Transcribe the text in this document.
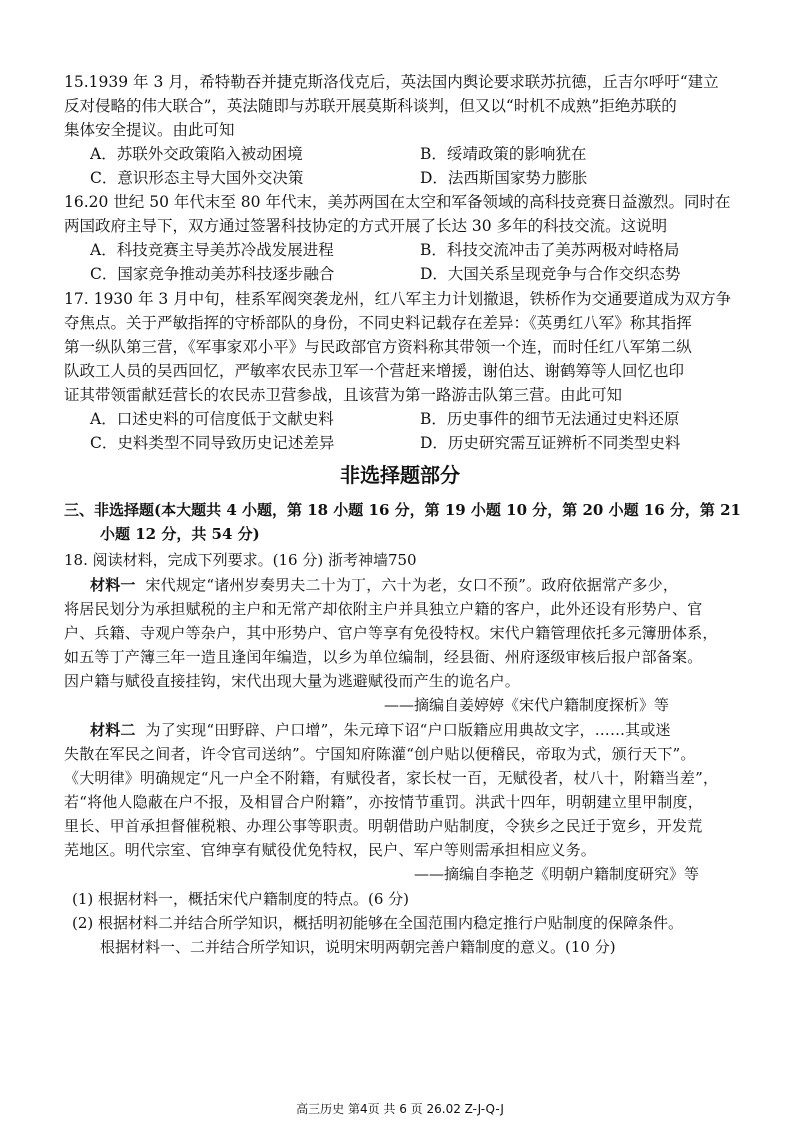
15.1939 年 3 月，希特勒吞并捷克斯洛伐克后，英法国内舆论要求联苏抗德，丘吉尔呼吁“建立
反对侵略的伟大联合”，英法随即与苏联开展莫斯科谈判，但又以“时机不成熟”拒绝苏联的
集体安全提议。由此可知
A．苏联外交政策陷入被动困境	B．绥靖政策的影响犹在
C．意识形态主导大国外交决策	D．法西斯国家势力膨胀
16.20 世纪 50 年代末至 80 年代末，美苏两国在太空和军备领域的高科技竞赛日益激烈。同时在
两国政府主导下，双方通过签署科技协定的方式开展了长达 30 多年的科技交流。这说明
A．科技竞赛主导美苏冷战发展进程	B．科技交流冲击了美苏两极对峙格局
C．国家竞争推动美苏科技逐步融合	D．大国关系呈现竞争与合作交织态势
17. 1930 年 3 月中旬，桂系军阀突袭龙州，红八军主力计划撤退，铁桥作为交通要道成为双方争
夺焦点。关于严敏指挥的守桥部队的身份，不同史料记载存在差异：《英勇红八军》称其指挥
第一纵队第三营，《军事家邓小平》与民政部官方资料称其带领一个连，而时任红八军第二纵
队政工人员的吴西回忆，严敏率农民赤卫军一个营赶来增援，谢伯达、谢鹤筹等人回忆也印
证其带领雷献廷营长的农民赤卫营参战，且该营为第一路游击队第三营。由此可知
A．口述史料的可信度低于文献史料	B．历史事件的细节无法通过史料还原
C．史料类型不同导致历史记述差异	D．历史研究需互证辨析不同类型史料
非选择题部分
三、非选择题(本大题共 4 小题，第 18 小题 16 分，第 19 小题 10 分，第 20 小题 16 分，第 21
小题 12 分，共 54 分)
18. 阅读材料，完成下列要求。(16 分) 浙考神墙750
材料一 宋代规定“诸州岁奏男夫二十为丁，六十为老，女口不预”。政府依据常产多少，
将居民划分为承担赋税的主户和无常产却依附主户并具独立户籍的客户，此外还设有形势户、官
户、兵籍、寺观户等杂户，其中形势户、官户等享有免役特权。宋代户籍管理依托多元簿册体系，
如五等丁产簿三年一造且逢闰年编造，以乡为单位编制，经县衙、州府逐级审核后报户部备案。
因户籍与赋役直接挂钩，宋代出现大量为逃避赋役而产生的诡名户。
——摘编自姜婷婷《宋代户籍制度探析》等
材料二 为了实现“田野辟、户口增”，朱元璋下诏“户口版籍应用典故文字，……其或迷
失散在军民之间者，许令官司送纳”。宁国知府陈灌“创户贴以便稽民，帝取为式，颁行天下”。
《大明律》明确规定“凡一户全不附籍，有赋役者，家长杖一百，无赋役者，杖八十，附籍当差”，
若“将他人隐蔽在户不报，及相冒合户附籍”，亦按情节重罚。洪武十四年，明朝建立里甲制度，
里长、甲首承担督催税粮、办理公事等职责。明朝借助户贴制度，令狭乡之民迁于宽乡，开发荒
芜地区。明代宗室、官绅享有赋役优免特权，民户、军户等则需承担相应义务。
——摘编自李艳芝《明朝户籍制度研究》等
(1) 根据材料一，概括宋代户籍制度的特点。(6 分)
(2) 根据材料二并结合所学知识，概括明初能够在全国范围内稳定推行户贴制度的保障条件。
根据材料一、二并结合所学知识，说明宋明两朝完善户籍制度的意义。(10 分)
高三历史 第4页 共 6 页 26.02 Z-J-Q-J
